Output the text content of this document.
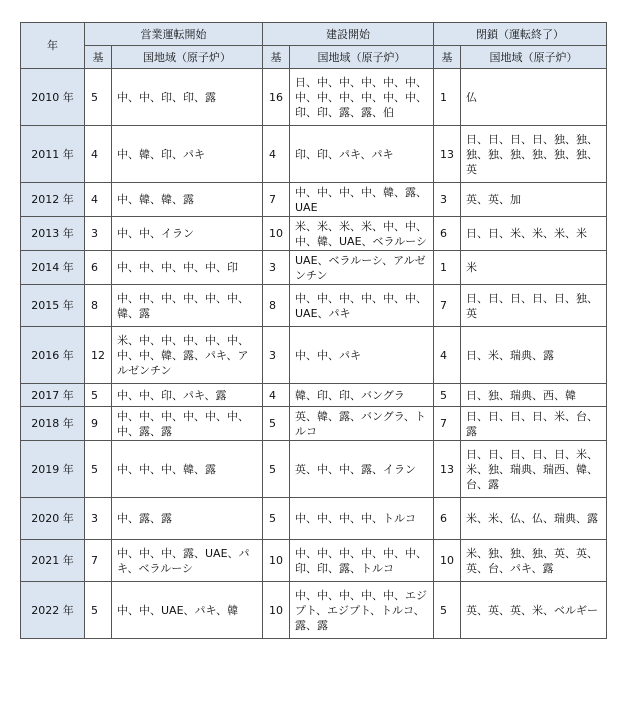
年	営業運転開始		建設開始		閉鎖（運転終了）	
	基	国地域（原子炉）	基	国地域（原子炉）	基	国地域（原子炉）
2010 年	5	中、中、印、印、露	16	日、中、中、中、中、中、中、中、中、中、中、中、印、印、露、露、伯	1	仏
2011 年	4	中、韓、印、パキ	4	印、印、パキ、パキ	13	日、日、日、日、独、独、独、独、独、独、独、独、英
2012 年	4	中、韓、韓、露	7	中、中、中、中、韓、露、UAE	3	英、英、加
2013 年	3	中、中、イラン	10	米、米、米、米、中、中、中、韓、UAE、ベラルーシ	6	日、日、米、米、米、米
2014 年	6	中、中、中、中、中、印	3	UAE、ベラルーシ、アルゼンチン	1	米
2015 年	8	中、中、中、中、中、中、韓、露	8	中、中、中、中、中、中、UAE、パキ	7	日、日、日、日、日、独、英
2016 年	12	米、中、中、中、中、中、中、中、韓、露、パキ、アルゼンチン	3	中、中、パキ	4	日、米、瑞典、露
2017 年	5	中、中、印、パキ、露	4	韓、印、印、バングラ	5	日、独、瑞典、西、韓
2018 年	9	中、中、中、中、中、中、中、露、露	5	英、韓、露、バングラ、トルコ	7	日、日、日、日、米、台、露
2019 年	5	中、中、中、韓、露	5	英、中、中、露、イラン	13	日、日、日、日、日、米、米、独、瑞典、瑞西、韓、台、露
2020 年	3	中、露、露	5	中、中、中、中、トルコ	6	米、米、仏、仏、瑞典、露
2021 年	7	中、中、中、露、UAE、パキ、ベラルーシ	10	中、中、中、中、中、中、印、印、露、トルコ	10	米、独、独、独、英、英、英、台、パキ、露
2022 年	5	中、中、UAE、パキ、韓	10	中、中、中、中、中、エジプト、エジプト、トルコ、露、露	5	英、英、英、米、ベルギー
